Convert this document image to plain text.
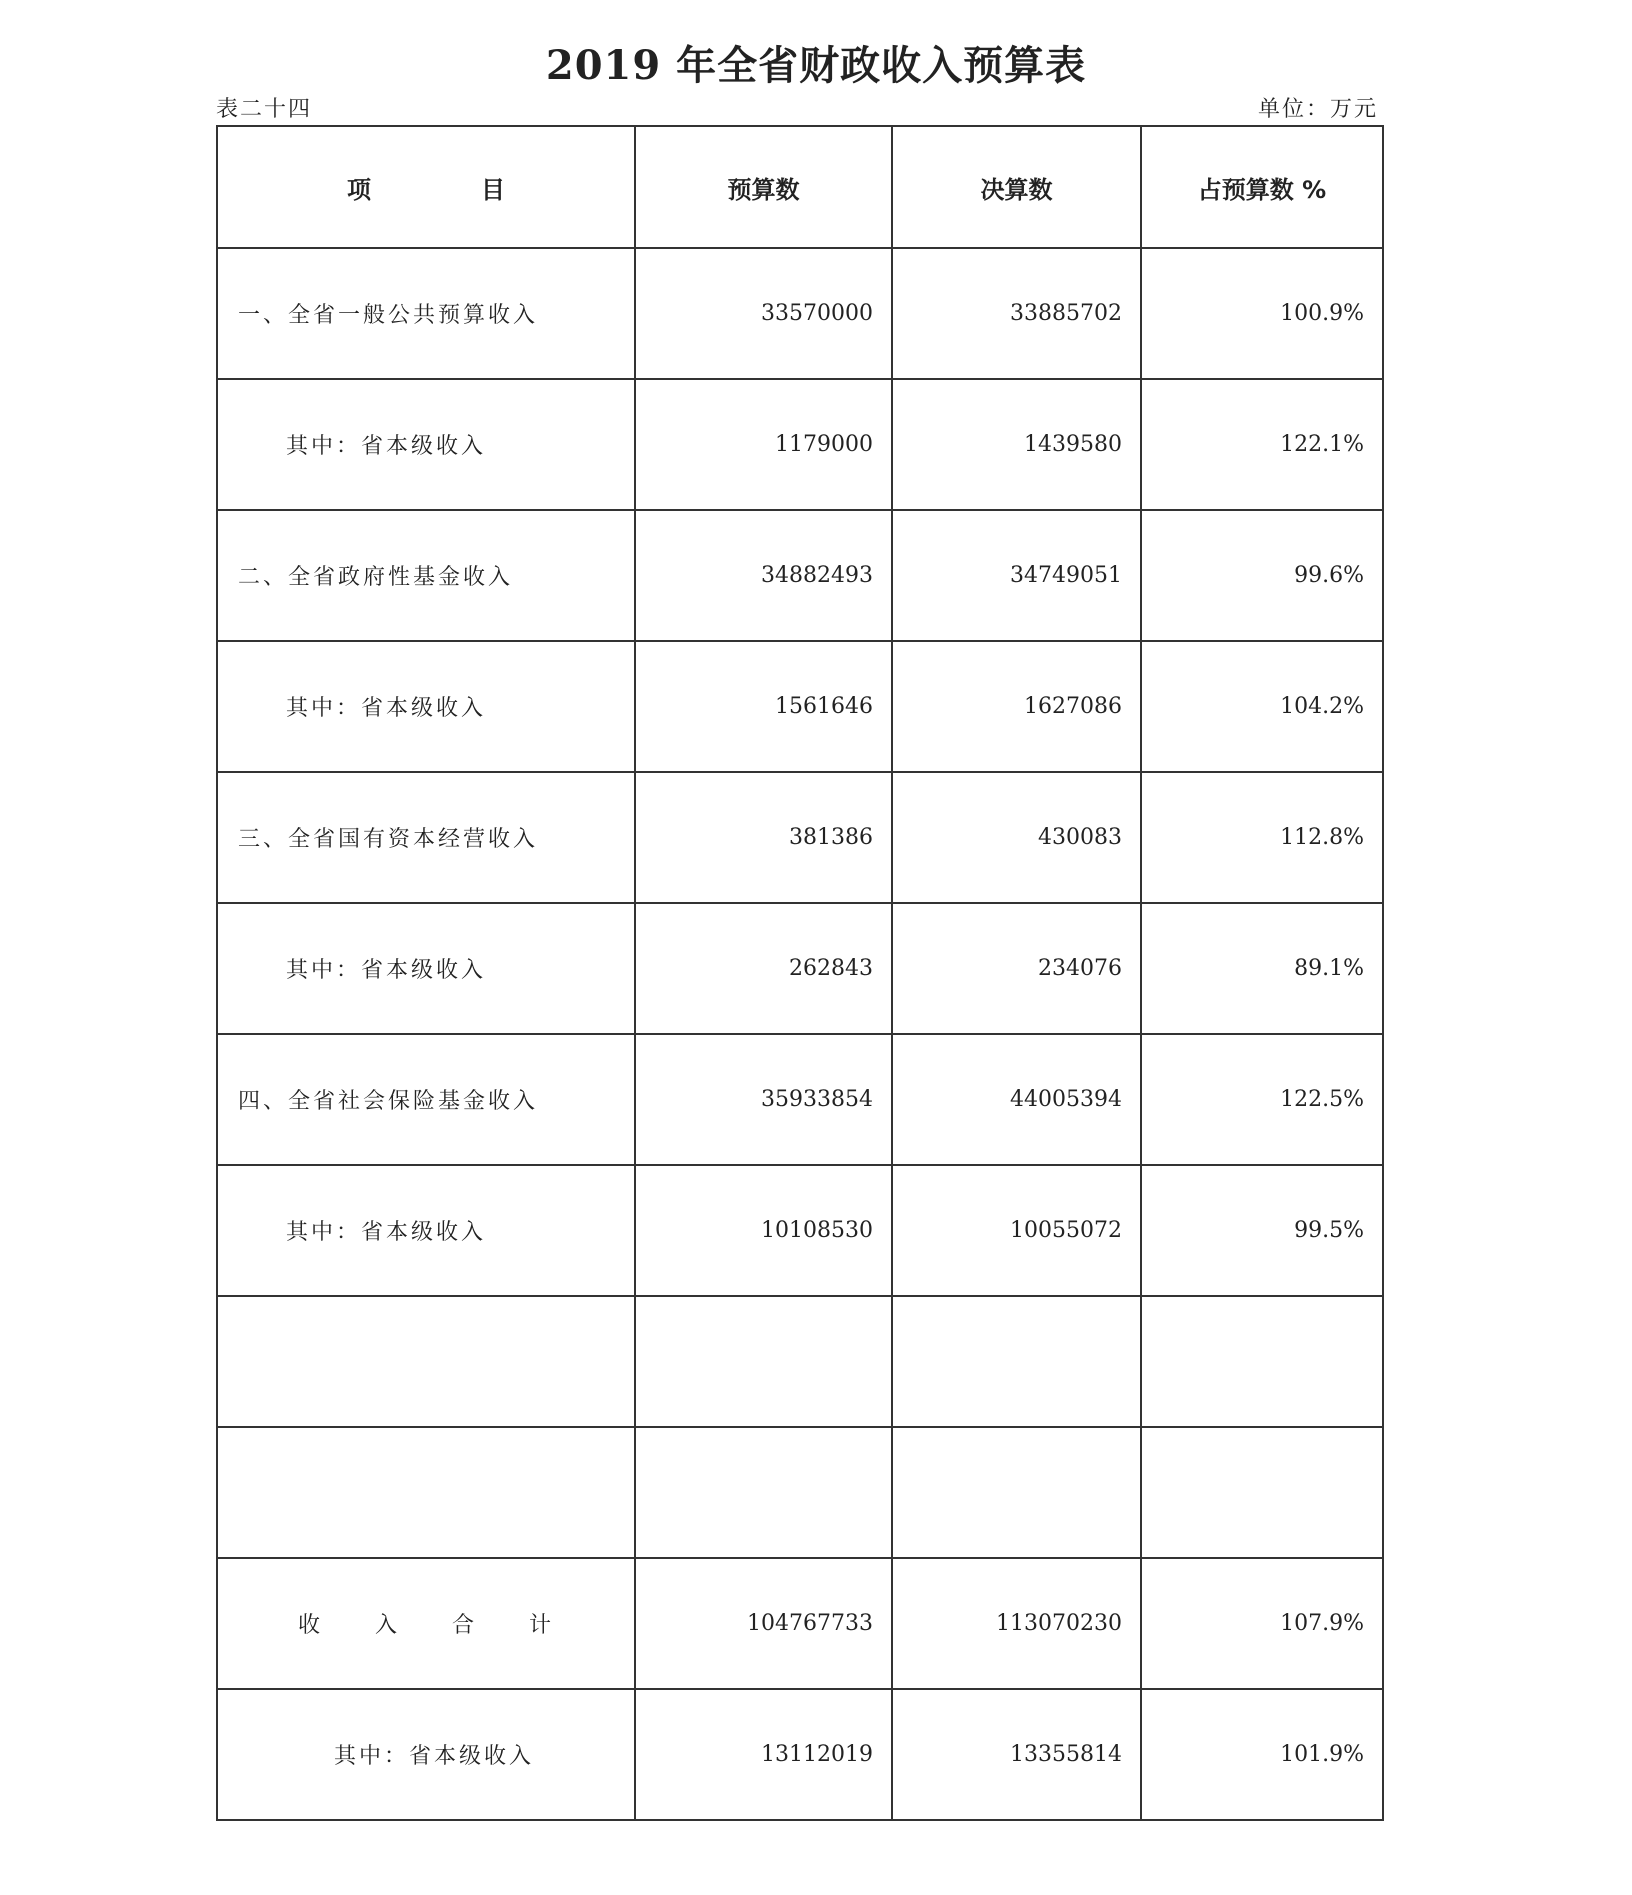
2019 年全省财政收入预算表
表二十四	单位：万元
项 目	预算数	决算数	占预算数 %
一、全省一般公共预算收入	33570000	33885702	100.9%
其中：省本级收入	1179000	1439580	122.1%
二、全省政府性基金收入	34882493	34749051	99.6%
其中：省本级收入	1561646	1627086	104.2%
三、全省国有资本经营收入	381386	430083	112.8%
其中：省本级收入	262843	234076	89.1%
四、全省社会保险基金收入	35933854	44005394	122.5%
其中：省本级收入	10108530	10055072	99.5%

收 入 合 计	104767733	113070230	107.9%
其中：省本级收入	13112019	13355814	101.9%
